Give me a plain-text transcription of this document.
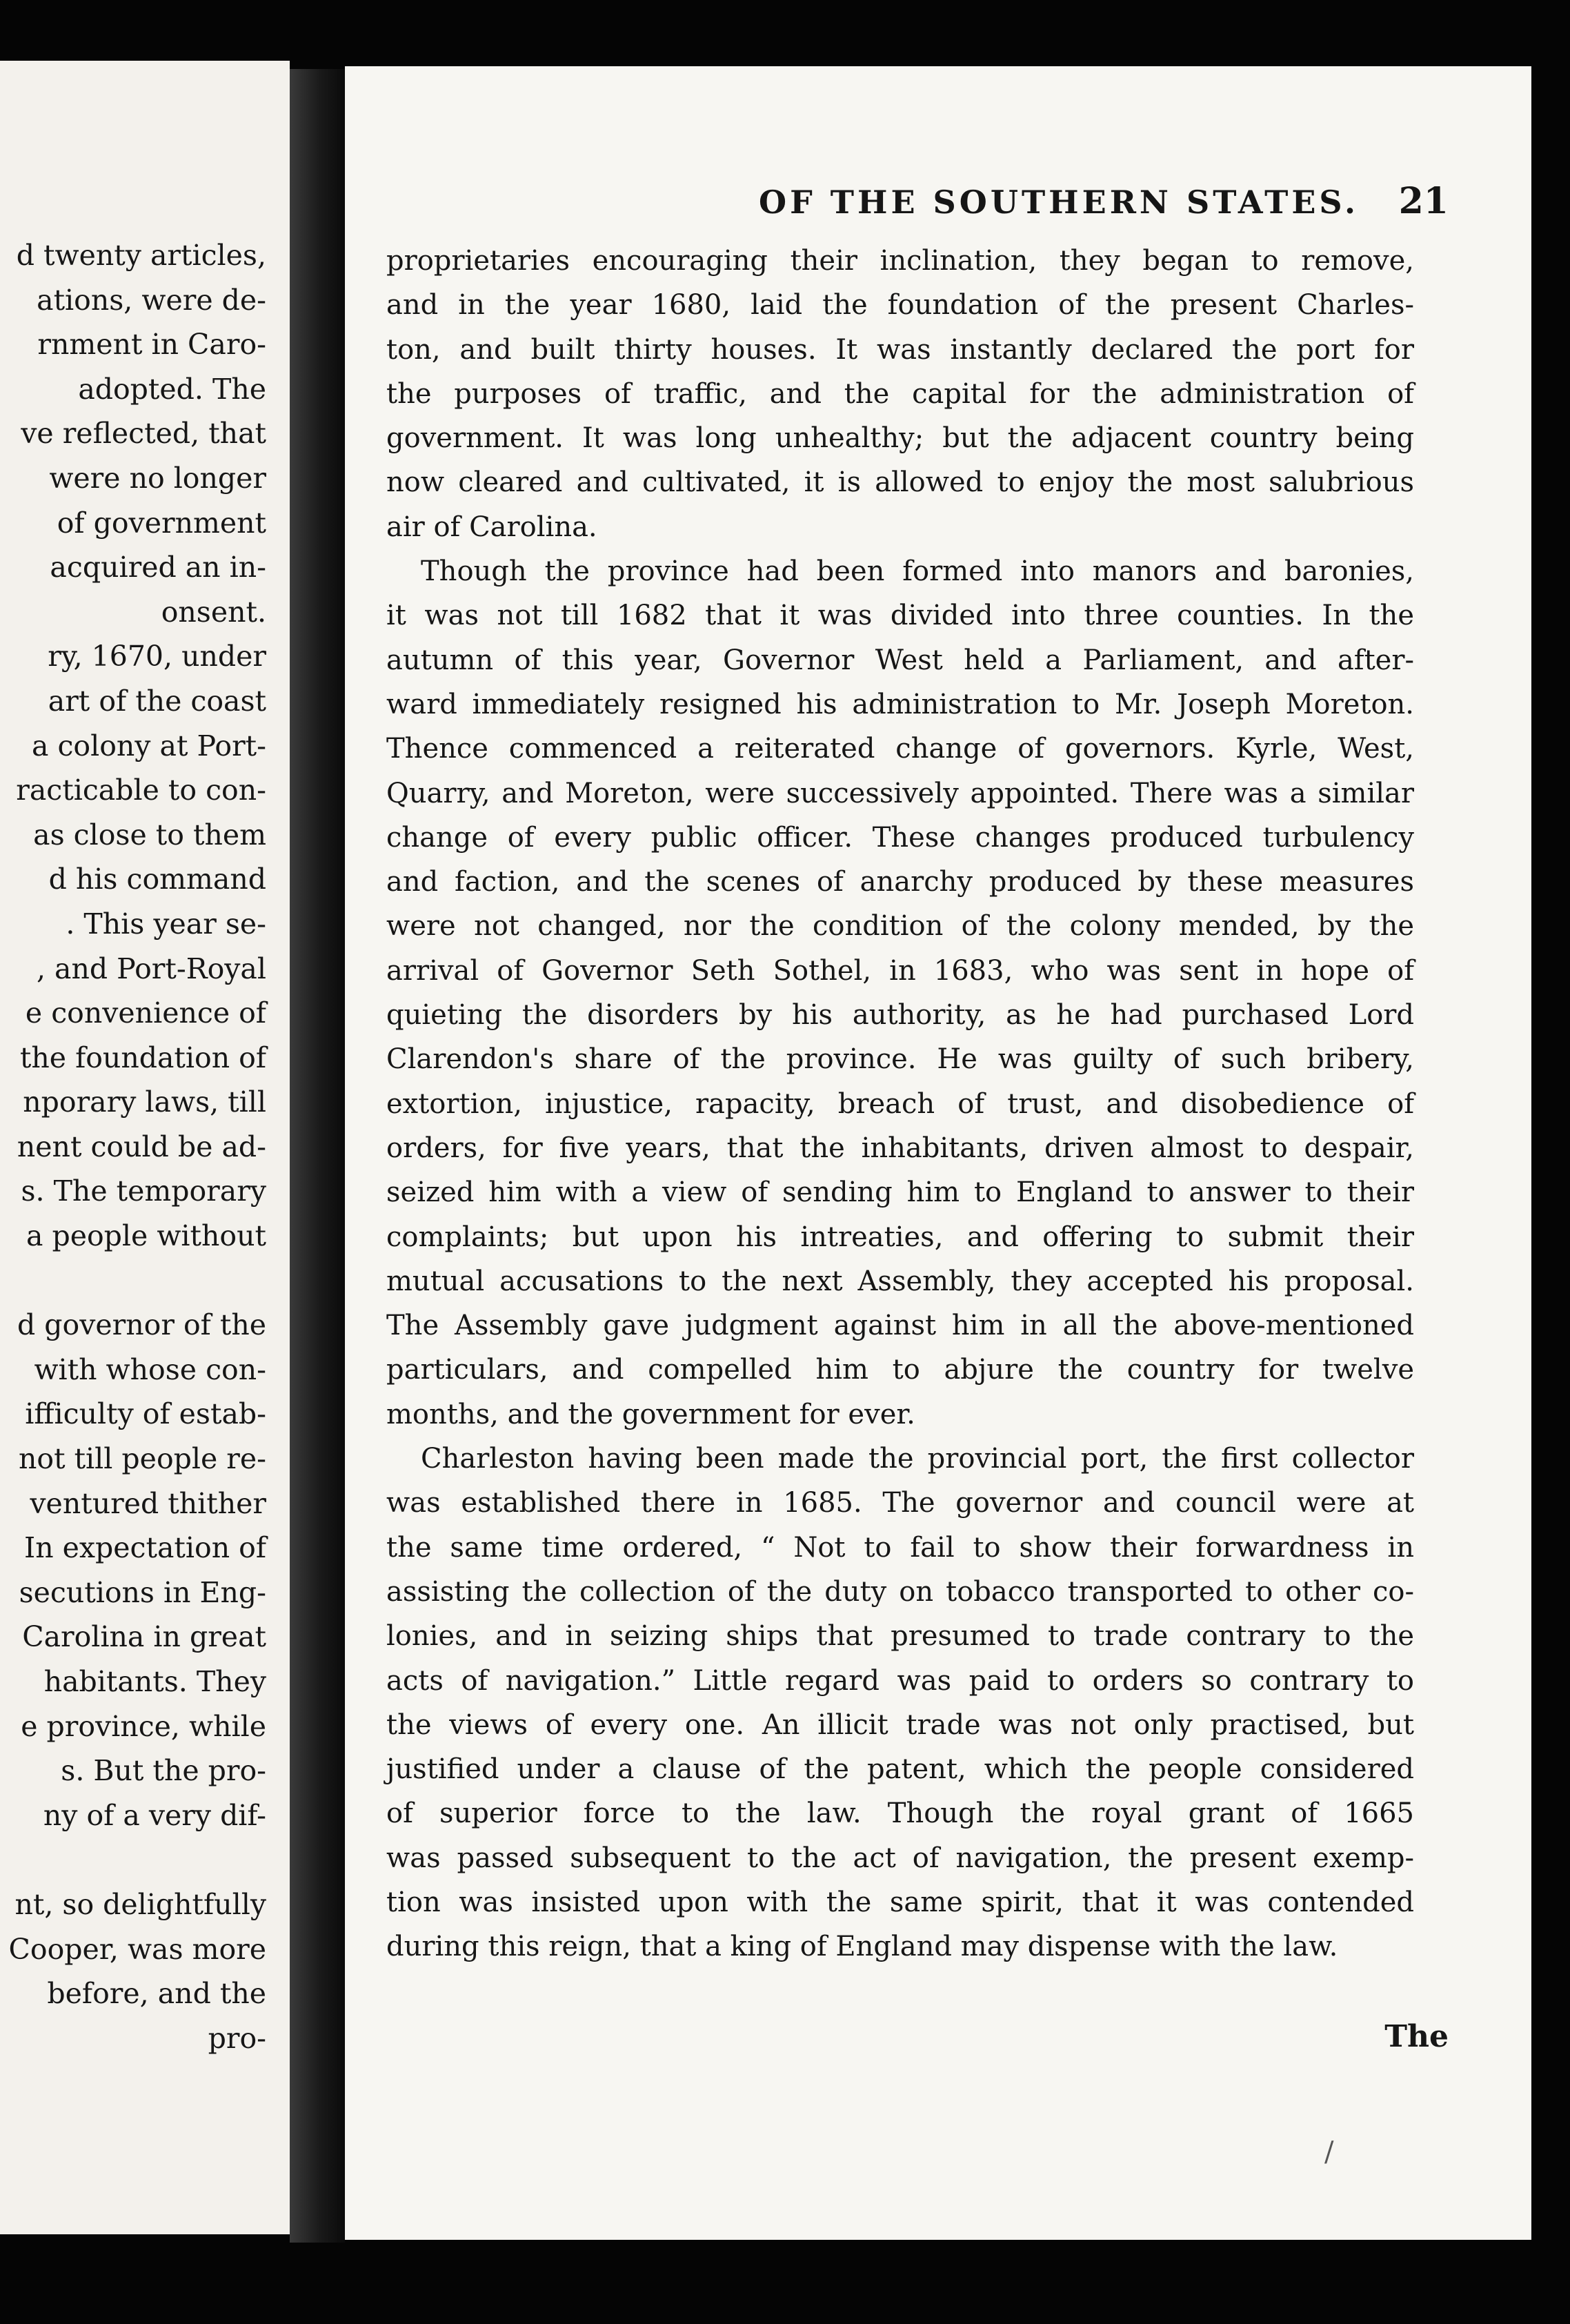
d twenty articles,
ations, were de-
rnment in Caro-
adopted. The
ve reflected, that
were no longer
of government
acquired an in-
onsent.
ry, 1670, under
art of the coast
a colony at Port-
racticable to con-
as close to them
d his command
. This year se-
, and Port-Royal
e convenience of
the foundation of
nporary laws, till
nent could be ad-
s. The temporary
a people without
d governor of the
with whose con-
ifficulty of estab-
not till people re-
ventured thither
In expectation of
secutions in Eng-
Carolina in great
habitants. They
e province, while
s. But the pro-
ny of a very dif-
nt, so delightfully
Cooper, was more
before, and the
pro-
OF THE SOUTHERN STATES.	21
proprietaries encouraging their inclination, they began to remove,
and in the year 1680, laid the foundation of the present Charles-
ton, and built thirty houses. It was instantly declared the port for
the purposes of traffic, and the capital for the administration of
government. It was long unhealthy; but the adjacent country being
now cleared and cultivated, it is allowed to enjoy the most salubrious
air of Carolina.
Though the province had been formed into manors and baronies,
it was not till 1682 that it was divided into three counties. In the
autumn of this year, Governor West held a Parliament, and after-
ward immediately resigned his administration to Mr. Joseph Moreton.
Thence commenced a reiterated change of governors. Kyrle, West,
Quarry, and Moreton, were successively appointed. There was a similar
change of every public officer. These changes produced turbulency
and faction, and the scenes of anarchy produced by these measures
were not changed, nor the condition of the colony mended, by the
arrival of Governor Seth Sothel, in 1683, who was sent in hope of
quieting the disorders by his authority, as he had purchased Lord
Clarendon's share of the province. He was guilty of such bribery,
extortion, injustice, rapacity, breach of trust, and disobedience of
orders, for five years, that the inhabitants, driven almost to despair,
seized him with a view of sending him to England to answer to their
complaints; but upon his intreaties, and offering to submit their
mutual accusations to the next Assembly, they accepted his proposal.
The Assembly gave judgment against him in all the above-mentioned
particulars, and compelled him to abjure the country for twelve
months, and the government for ever.
Charleston having been made the provincial port, the first collector
was established there in 1685. The governor and council were at
the same time ordered, “ Not to fail to show their forwardness in
assisting the collection of the duty on tobacco transported to other co-
lonies, and in seizing ships that presumed to trade contrary to the
acts of navigation.” Little regard was paid to orders so contrary to
the views of every one. An illicit trade was not only practised, but
justified under a clause of the patent, which the people considered
of superior force to the law. Though the royal grant of 1665
was passed subsequent to the act of navigation, the present exemp-
tion was insisted upon with the same spirit, that it was contended
during this reign, that a king of England may dispense with the law.
The
/
